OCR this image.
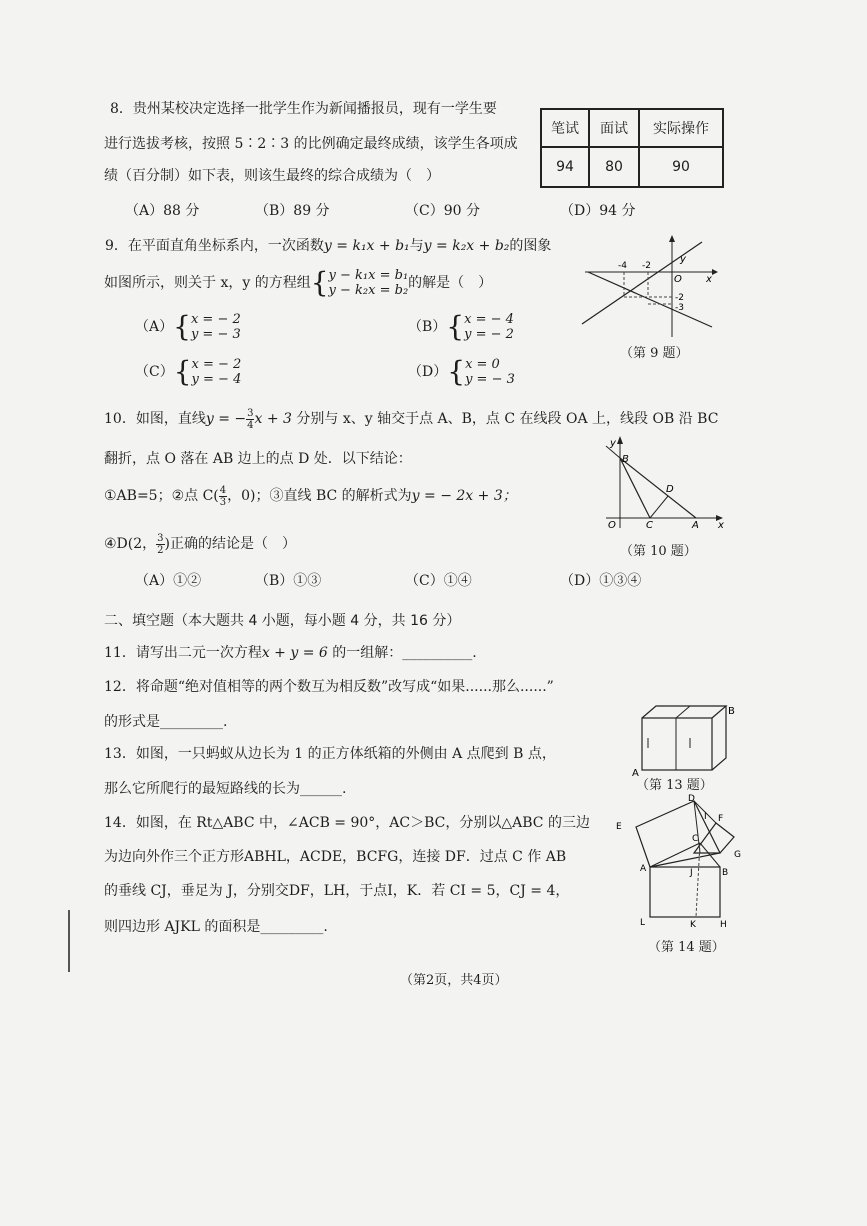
8．贵州某校决定选择一批学生作为新闻播报员，现有一学生要
进行选拔考核，按照 5∶2∶3 的比例确定最终成绩，该学生各项成
绩（百分制）如下表，则该生最终的综合成绩为（　）
笔试	面试	实际操作
94	80	90
（A）88 分	（B）89 分	（C）90 分	（D）94 分
9．在平面直角坐标系内，一次函数y = k₁x + b₁与y = k₂x + b₂的图象
如图所示，则关于 x，y 的方程组{ y − k₁x = b₁
y − k₂x = b₂ 的解是（　）
（A）{ x = − 2
y = − 3	（B）{ x = − 4
y = − 2
（C）{ x = − 2
y = − 4	（D）{ x = 0
y = − 3
y
x
O
-4 -2
-2
-3
（第 9 题）
10．如图，直线y = − $\frac{3}{4}$ x + 3 分别与 x、y 轴交于点 A、B，点 C 在线段 OA 上，线段 OB 沿 BC
翻折，点 O 落在 AB 边上的点 D 处．以下结论：
①AB=5；②点 $C( \frac{4}{3}$ ，0)；③直线 BC 的解析式为y = − 2x + 3；
④D(2， $\frac{3}{2}$ )正确的结论是（　）
y
x
O
B
C
D
A
（第 10 题）
（A）①②	（B）①③	（C）①④	（D）①③④
二、填空题（本大题共 4 小题，每小题 4 分，共 16 分）
11．请写出二元一次方程x + y = 6 的一组解：__________.
12．将命题“绝对值相等的两个数互为相反数”改写成“如果......那么......”
的形式是_________.
13．如图，一只蚂蚁从边长为 1 的正方体纸箱的外侧由 A 点爬到 B 点，
那么它所爬行的最短路线的长为______.
A
B
（第 13 题）
14．如图，在 Rt△ABC 中，∠ACB = 90°，AC＞BC，分别以△ABC 的三边
为边向外作三个正方形ABHL，ACDE，BCFG，连接 DF．过点 C 作 AB
的垂线 CJ，垂足为 J，分别交DF，LH，于点I，K．若 CI = 5，CJ = 4，
则四边形 AJKL 的面积是_________.
D
E
I F
C
G
A	J	B
L	K	H
（第 14 题）
（第2页，共4页）
